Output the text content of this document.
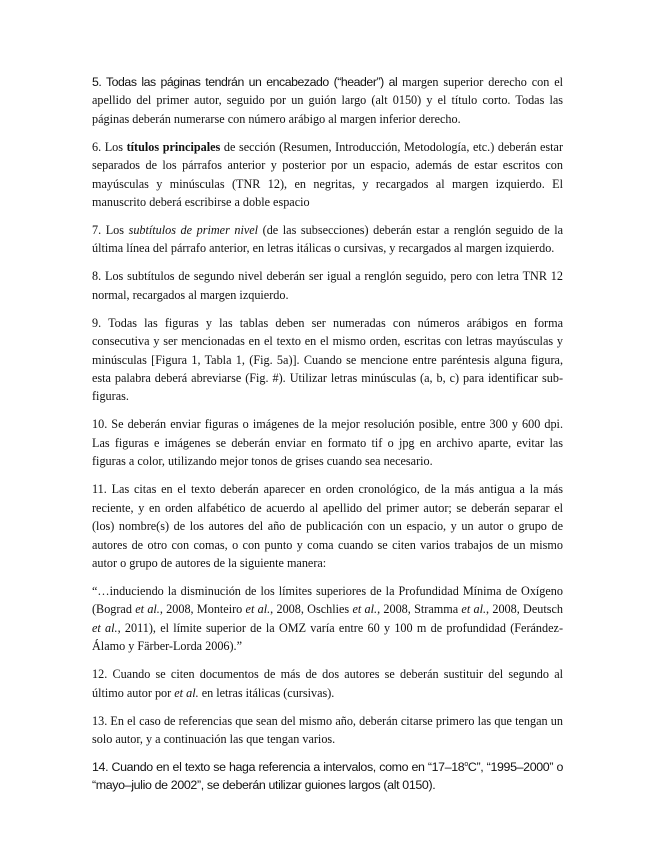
5. Todas las páginas tendrán un encabezado (“header”) al margen superior derecho con el apellido del primer autor, seguido por un guión largo (alt 0150) y el título corto. Todas las páginas deberán numerarse con número arábigo al margen inferior derecho.

6. Los títulos principales de sección (Resumen, Introducción, Metodología, etc.) deberán estar separados de los párrafos anterior y posterior por un espacio, además de estar escritos con mayúsculas y minúsculas (TNR 12), en negritas, y recargados al margen izquierdo. El manuscrito deberá escribirse a doble espacio

7. Los subtítulos de primer nivel (de las subsecciones) deberán estar a renglón seguido de la última línea del párrafo anterior, en letras itálicas o cursivas, y recargados al margen izquierdo.

8. Los subtítulos de segundo nivel deberán ser igual a renglón seguido, pero con letra TNR 12 normal, recargados al margen izquierdo.

9. Todas las figuras y las tablas deben ser numeradas con números arábigos en forma consecutiva y ser mencionadas en el texto en el mismo orden, escritas con letras mayúsculas y minúsculas [Figura 1, Tabla 1, (Fig. 5a)]. Cuando se mencione entre paréntesis alguna figura, esta palabra deberá abreviarse (Fig. #). Utilizar letras minúsculas (a, b, c) para identificar sub-figuras.

10. Se deberán enviar figuras o imágenes de la mejor resolución posible, entre 300 y 600 dpi. Las figuras e imágenes se deberán enviar en formato tif o jpg en archivo aparte, evitar las figuras a color, utilizando mejor tonos de grises cuando sea necesario.

11. Las citas en el texto deberán aparecer en orden cronológico, de la más antigua a la más reciente, y en orden alfabético de acuerdo al apellido del primer autor; se deberán separar el (los) nombre(s) de los autores del año de publicación con un espacio, y un autor o grupo de autores de otro con comas, o con punto y coma cuando se citen varios trabajos de un mismo autor o grupo de autores de la siguiente manera:

“…induciendo la disminución de los límites superiores de la Profundidad Mínima de Oxígeno (Bograd et al., 2008, Monteiro et al., 2008, Oschlies et al., 2008, Stramma et al., 2008, Deutsch et al., 2011), el límite superior de la OMZ varía entre 60 y 100 m de profundidad (Ferández-Álamo y Färber-Lorda 2006).”

12. Cuando se citen documentos de más de dos autores se deberán sustituir del segundo al último autor por et al. en letras itálicas (cursivas).

13. En el caso de referencias que sean del mismo año, deberán citarse primero las que tengan un solo autor, y a continuación las que tengan varios.

14. Cuando en el texto se haga referencia a intervalos, como en “17–18$^o$C”, “1995–2000” o “mayo–julio de 2002”, se deberán utilizar guiones largos (alt 0150).
